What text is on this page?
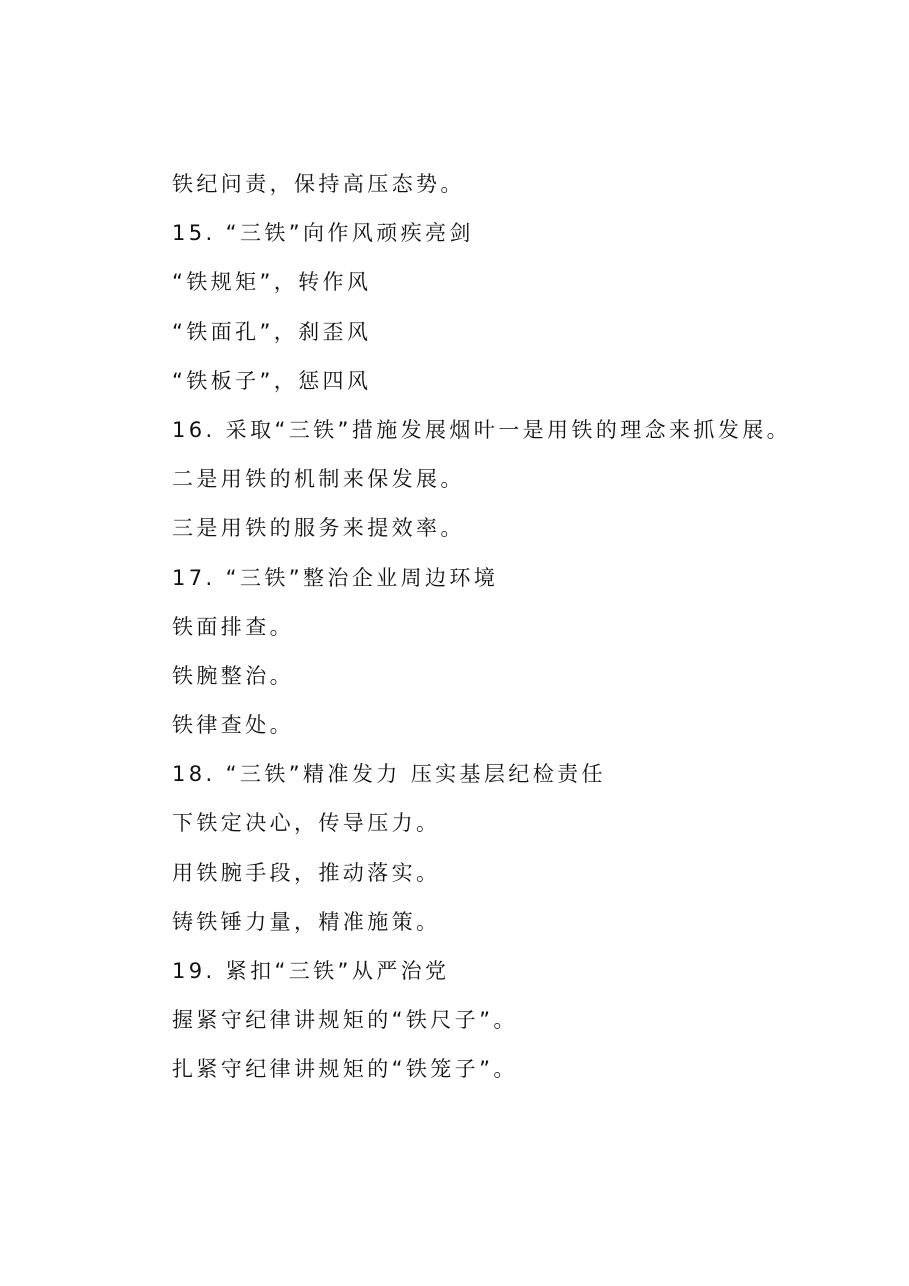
铁纪问责，保持高压态势。
15. “三铁”向作风顽疾亮剑
“铁规矩”，转作风
“铁面孔”，刹歪风
“铁板子”，惩四风
16. 采取“三铁”措施发展烟叶一是用铁的理念来抓发展。
二是用铁的机制来保发展。
三是用铁的服务来提效率。
17. “三铁”整治企业周边环境
铁面排查。
铁腕整治。
铁律查处。
18. “三铁”精准发力 压实基层纪检责任
下铁定决心，传导压力。
用铁腕手段，推动落实。
铸铁锤力量，精准施策。
19. 紧扣“三铁”从严治党
握紧守纪律讲规矩的“铁尺子”。
扎紧守纪律讲规矩的“铁笼子”。
